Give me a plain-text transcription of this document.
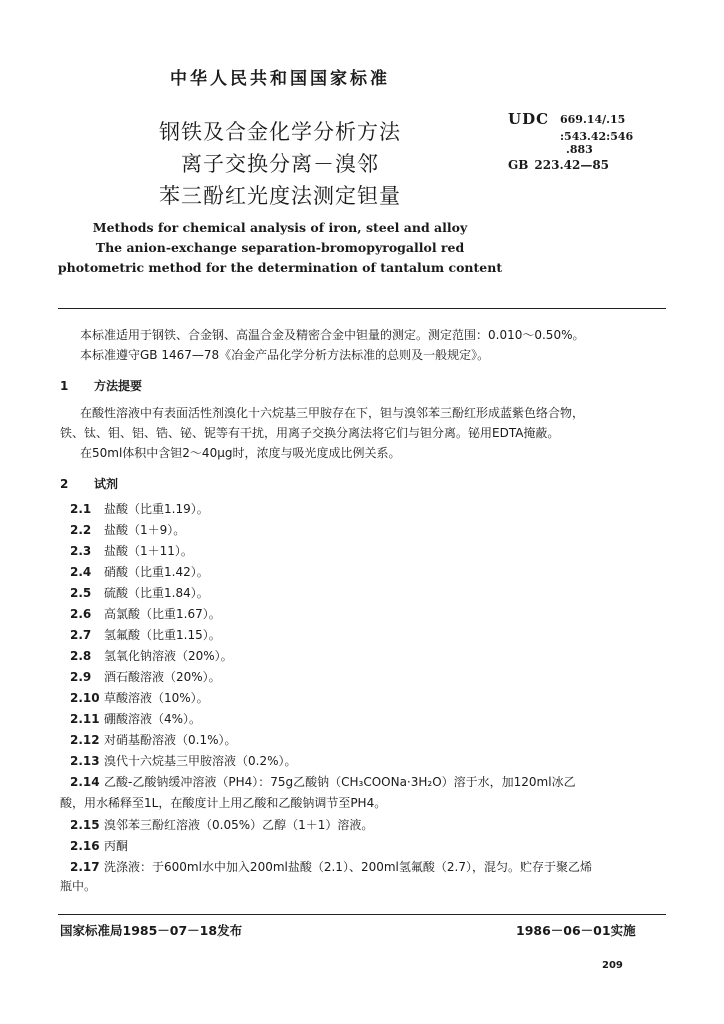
中华人民共和国国家标准
钢铁及合金化学分析方法
离子交换分离－溴邻
苯三酚红光度法测定钽量
UDC 669.14/.15
:543.42:546
.883
GB 223.42—85
Methods for chemical analysis of iron, steel and alloy
The anion-exchange separation-bromopyrogallol red
photometric method for the determination of tantalum content
本标准适用于钢铁、合金钢、高温合金及精密合金中钽量的测定。测定范围：0.010～0.50%。
本标准遵守GB 1467—78《冶金产品化学分析方法标准的总则及一般规定》。
1 方法提要
在酸性溶液中有表面活性剂溴化十六烷基三甲胺存在下，钽与溴邻苯三酚红形成蓝紫色络合物，
铁、钛、钼、铝、锆、铋、铌等有干扰，用离子交换分离法将它们与钽分离。铋用EDTA掩蔽。
在50ml体积中含钽2～40μg时，浓度与吸光度成比例关系。
2 试剂
2.1 盐酸（比重1.19）。
2.2 盐酸（1＋9）。
2.3 盐酸（1＋11）。
2.4 硝酸（比重1.42）。
2.5 硫酸（比重1.84）。
2.6 高氯酸（比重1.67）。
2.7 氢氟酸（比重1.15）。
2.8 氢氧化钠溶液（20%）。
2.9 酒石酸溶液（20%）。
2.10 草酸溶液（10%）。
2.11 硼酸溶液（4%）。
2.12 对硝基酚溶液（0.1%）。
2.13 溴代十六烷基三甲胺溶液（0.2%）。
2.14 乙酸-乙酸钠缓冲溶液（PH4）：75g乙酸钠（CH₃COONa·3H₂O）溶于水，加120ml冰乙
酸，用水稀释至1L，在酸度计上用乙酸和乙酸钠调节至PH4。
2.15 溴邻苯三酚红溶液（0.05%）乙醇（1＋1）溶液。
2.16 丙酮
2.17 洗涤液：于600ml水中加入200ml盐酸（2.1）、200ml氢氟酸（2.7），混匀。贮存于聚乙烯
瓶中。
国家标准局1985－07－18发布	1986－06－01实施
209
